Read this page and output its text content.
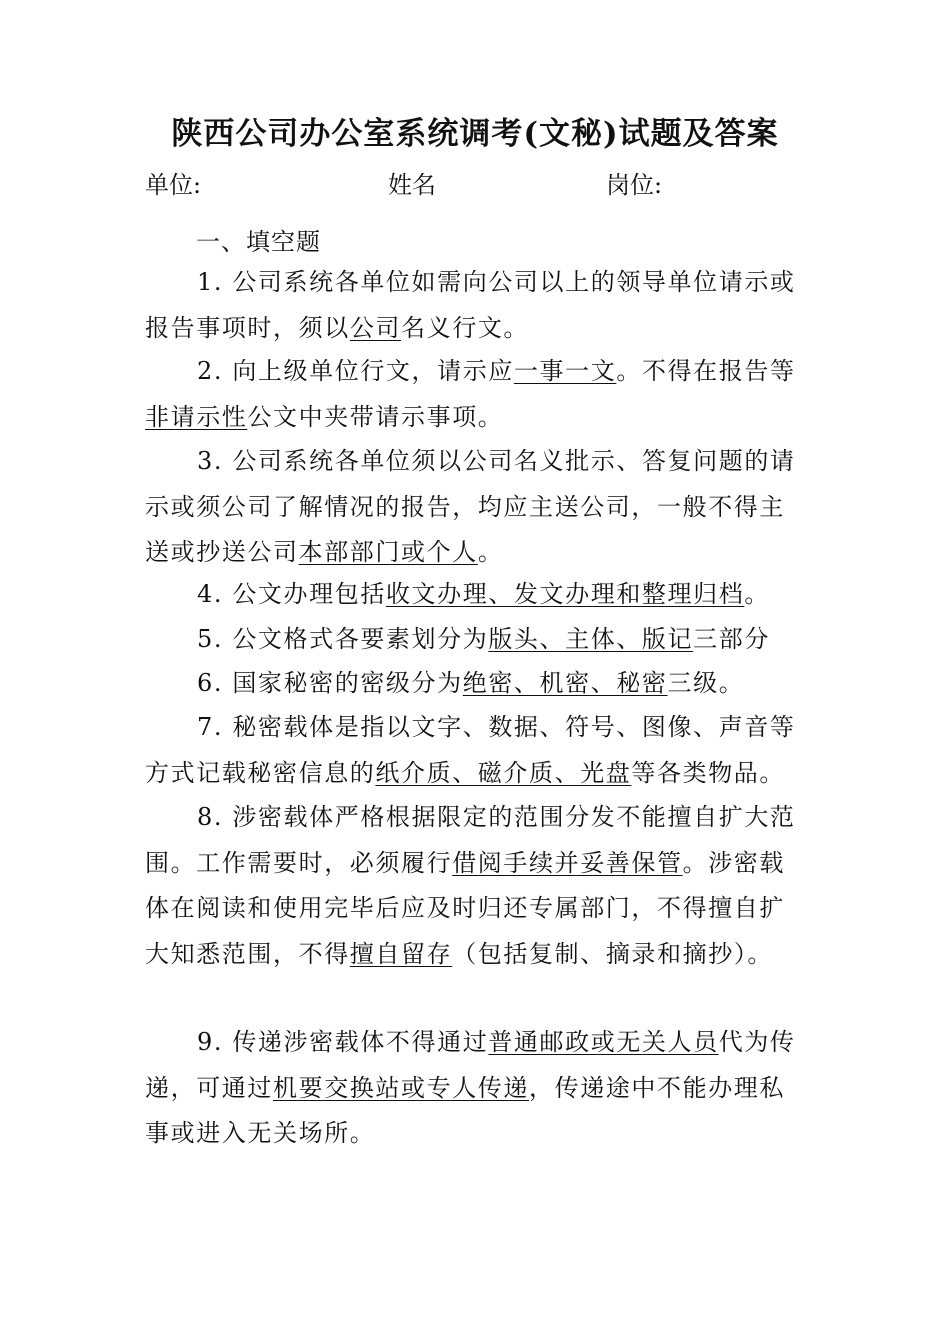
陕西公司办公室系统调考(文秘)试题及答案
单位:	姓名	岗位:
一、填空题
1. 公司系统各单位如需向公司以上的领导单位请示或报告事项时，须以公司名义行文。
2. 向上级单位行文，请示应一事一文。不得在报告等非请示性公文中夹带请示事项。
3. 公司系统各单位须以公司名义批示、答复问题的请示或须公司了解情况的报告，均应主送公司，一般不得主送或抄送公司本部部门或个人。
4. 公文办理包括收文办理、发文办理和整理归档。
5. 公文格式各要素划分为版头、主体、版记三部分
6. 国家秘密的密级分为绝密、机密、秘密三级。
7. 秘密载体是指以文字、数据、符号、图像、声音等方式记载秘密信息的纸介质、磁介质、光盘等各类物品。
8. 涉密载体严格根据限定的范围分发不能擅自扩大范围。工作需要时，必须履行借阅手续并妥善保管。涉密载体在阅读和使用完毕后应及时归还专属部门，不得擅自扩大知悉范围，不得擅自留存（包括复制、摘录和摘抄）。
9. 传递涉密载体不得通过普通邮政或无关人员代为传递，可通过机要交换站或专人传递，传递途中不能办理私事或进入无关场所。
